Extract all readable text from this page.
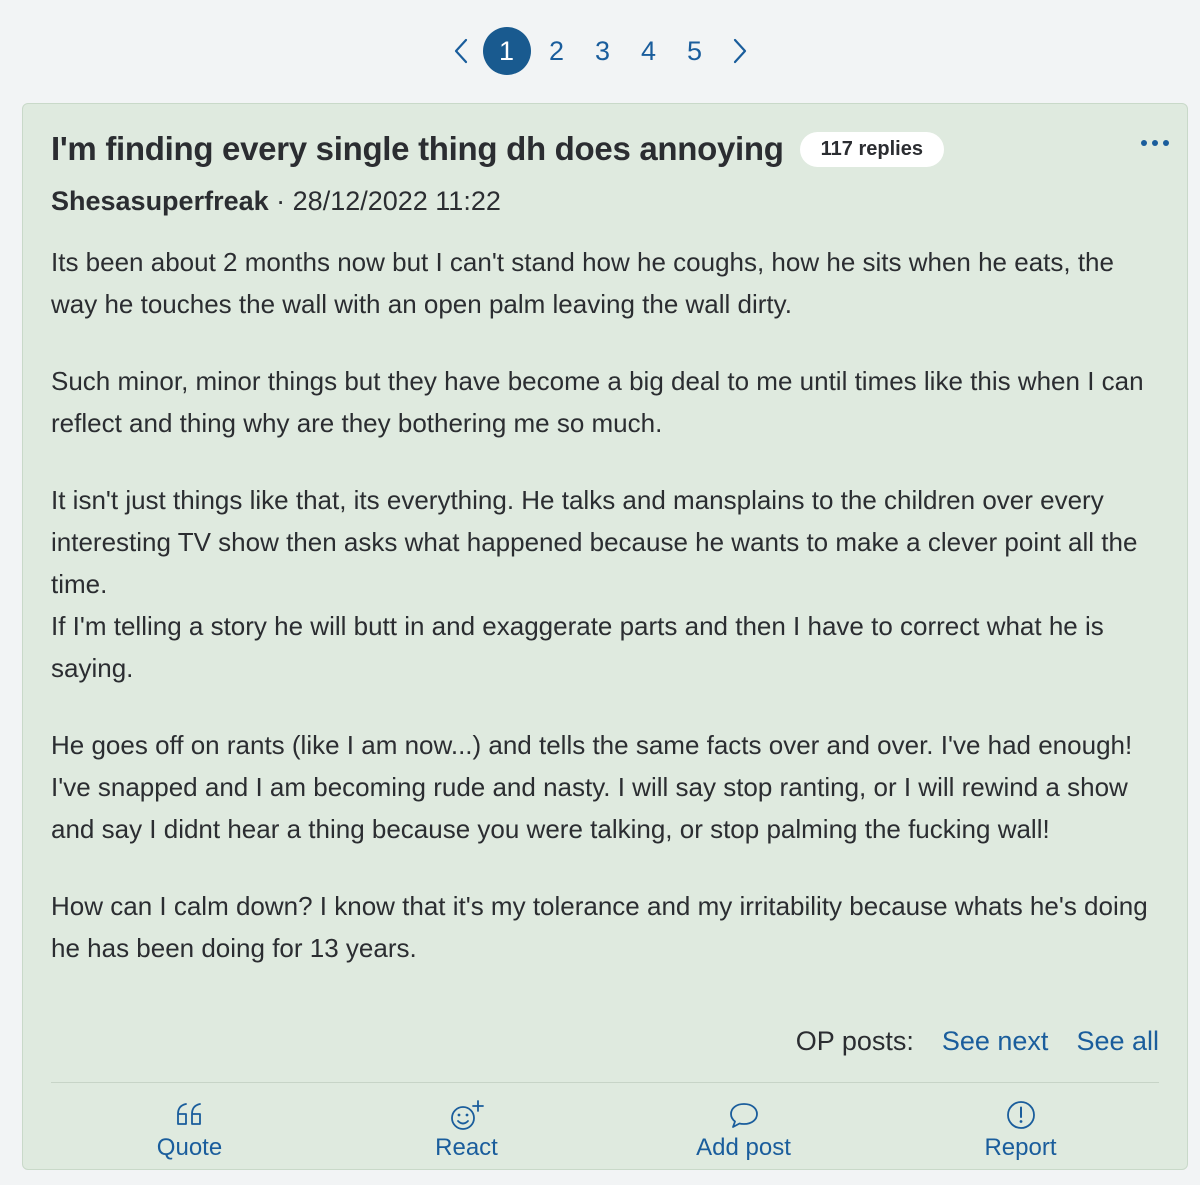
1	2	3	4	5
I'm finding every single thing dh does annoying	117 replies
Shesasuperfreak · 28/12/2022 11:22

Its been about 2 months now but I can't stand how he coughs, how he sits when he eats, the way he touches the wall with an open palm leaving the wall dirty.

Such minor, minor things but they have become a big deal to me until times like this when I can reflect and thing why are they bothering me so much.

It isn't just things like that, its everything. He talks and mansplains to the children over every interesting TV show then asks what happened because he wants to make a clever point all the time.
If I'm telling a story he will butt in and exaggerate parts and then I have to correct what he is saying.

He goes off on rants (like I am now...) and tells the same facts over and over. I've had enough! I've snapped and I am becoming rude and nasty. I will say stop ranting, or I will rewind a show and say I didnt hear a thing because you were talking, or stop palming the fucking wall!

How can I calm down? I know that it's my tolerance and my irritability because whats he's doing he has been doing for 13 years.

OP posts: See next See all
Quote	React	Add post	Report
